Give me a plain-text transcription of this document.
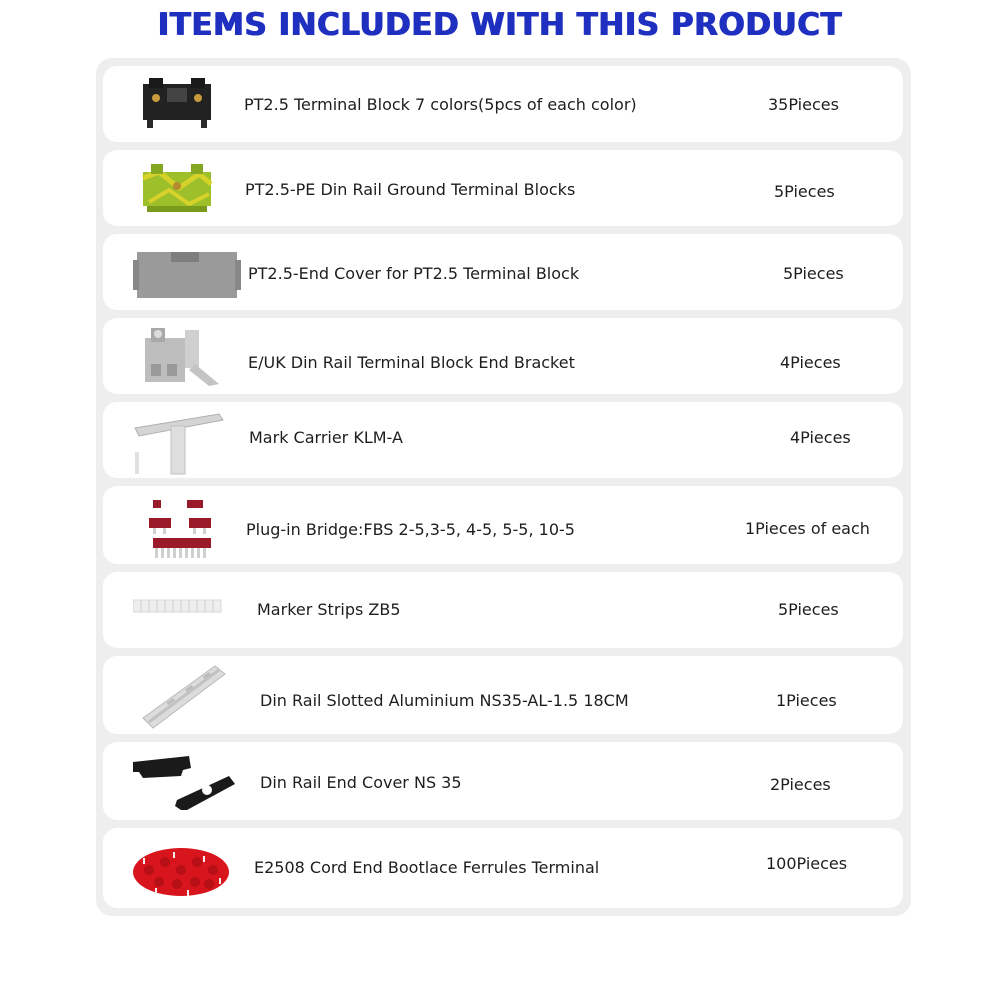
ITEMS INCLUDED WITH THIS PRODUCT
PT2.5 Terminal Block 7 colors(5pcs of each color)	35Pieces
PT2.5-PE Din Rail Ground Terminal Blocks	5Pieces
PT2.5-End Cover for PT2.5 Terminal Block	5Pieces
E/UK Din Rail Terminal Block End Bracket	4Pieces
Mark Carrier KLM-A	4Pieces
Plug-in Bridge:FBS 2-5,3-5, 4-5, 5-5, 10-5	1Pieces of each
Marker Strips ZB5	5Pieces
Din Rail Slotted Aluminium NS35-AL-1.5 18CM	1Pieces
Din Rail End Cover NS 35	2Pieces
E2508 Cord End Bootlace Ferrules Terminal	100Pieces
